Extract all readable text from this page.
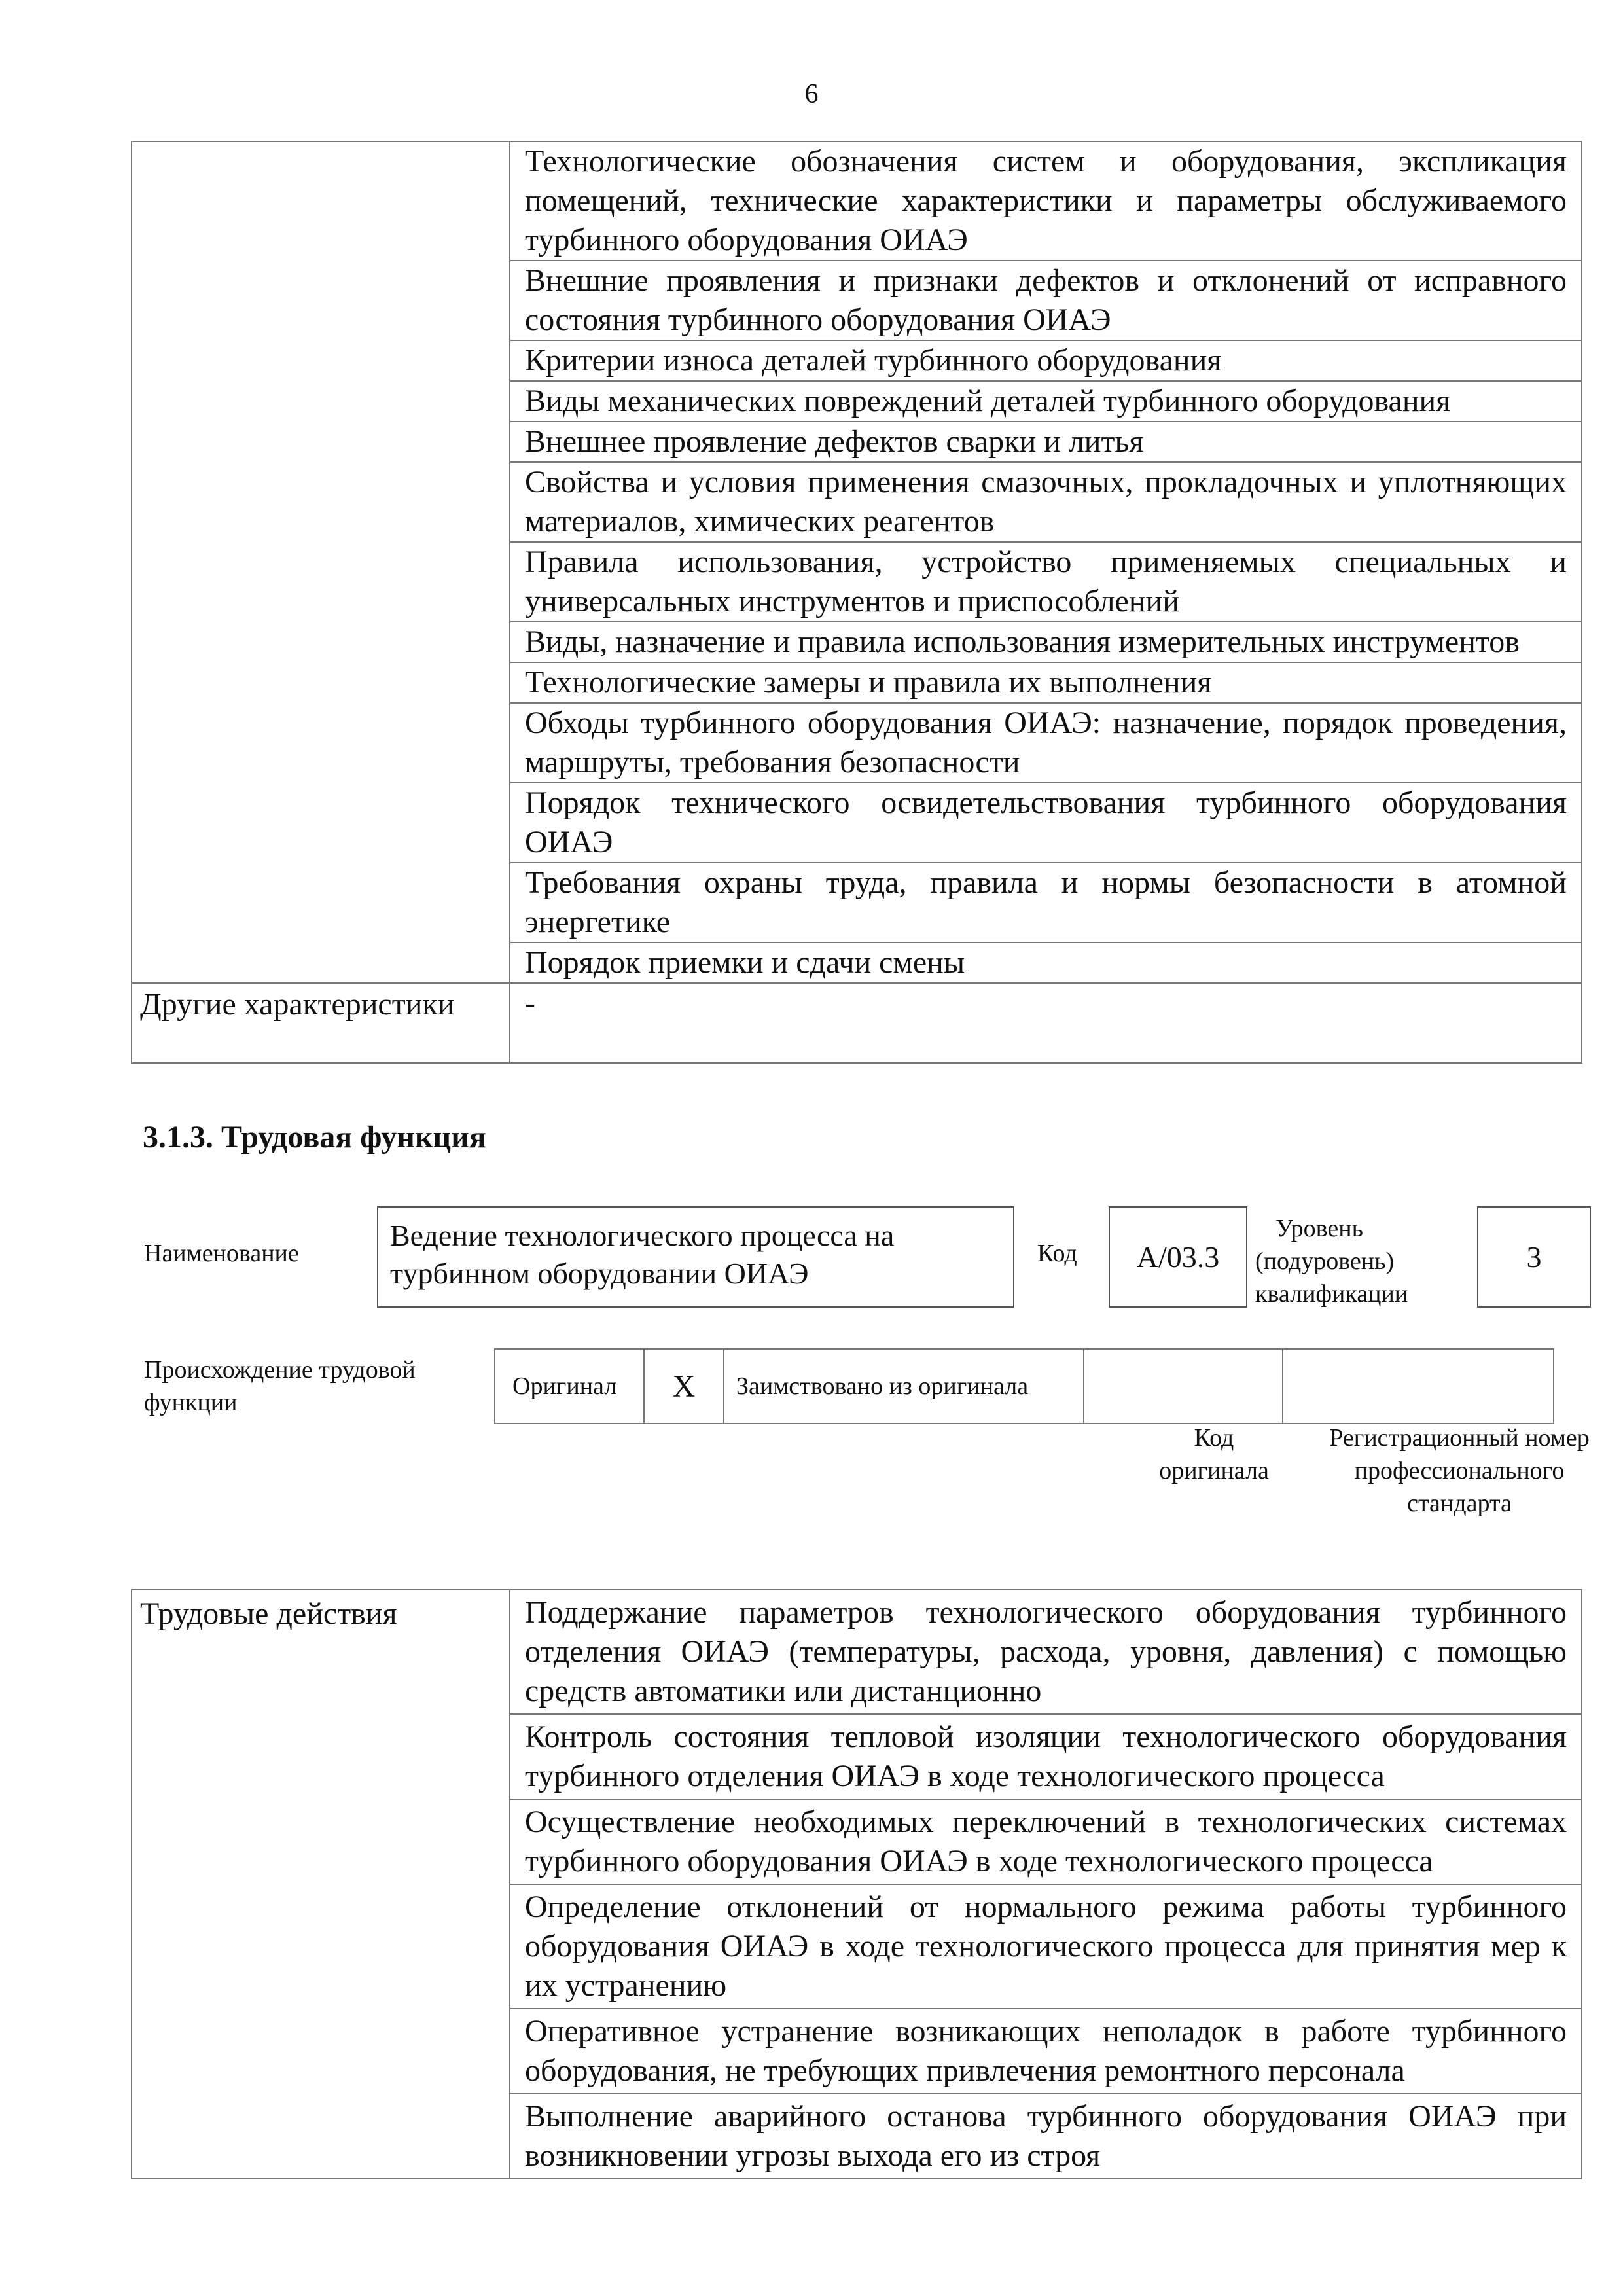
6
	Технологические обозначения систем и оборудования, экспликация помещений, технические характеристики и параметры обслуживаемого турбинного оборудования ОИАЭ
	Внешние проявления и признаки дефектов и отклонений от исправного состояния турбинного оборудования ОИАЭ
	Критерии износа деталей турбинного оборудования
	Виды механических повреждений деталей турбинного оборудования
	Внешнее проявление дефектов сварки и литья
	Свойства и условия применения смазочных, прокладочных и уплотняющих материалов, химических реагентов
	Правила использования, устройство применяемых специальных и универсальных инструментов и приспособлений
	Виды, назначение и правила использования измерительных инструментов
	Технологические замеры и правила их выполнения
	Обходы турбинного оборудования ОИАЭ: назначение, порядок проведения, маршруты, требования безопасности
	Порядок технического освидетельствования турбинного оборудования ОИАЭ
	Требования охраны труда, правила и нормы безопасности в атомной энергетике
	Порядок приемки и сдачи смены
Другие характеристики	-
3.1.3. Трудовая функция
Наименование
Ведение технологического процесса на турбинном оборудовании ОИАЭ
Код	А/03.3
Уровень (подуровень) квалификации
3
Происхождение трудовой функции
Оригинал	X	Заимствовано из оригинала		
Код оригинала
Регистрационный номер профессионального стандарта
Трудовые действия	Поддержание параметров технологического оборудования турбинного отделения ОИАЭ (температуры, расхода, уровня, давления) с помощью средств автоматики или дистанционно
Контроль состояния тепловой изоляции технологического оборудования турбинного отделения ОИАЭ в ходе технологического процесса
Осуществление необходимых переключений в технологических системах турбинного оборудования ОИАЭ в ходе технологического процесса
Определение отклонений от нормального режима работы турбинного оборудования ОИАЭ в ходе технологического процесса для принятия мер к их устранению
Оперативное устранение возникающих неполадок в работе турбинного оборудования, не требующих привлечения ремонтного персонала
Выполнение аварийного останова турбинного оборудования ОИАЭ при возникновении угрозы выхода его из строя
